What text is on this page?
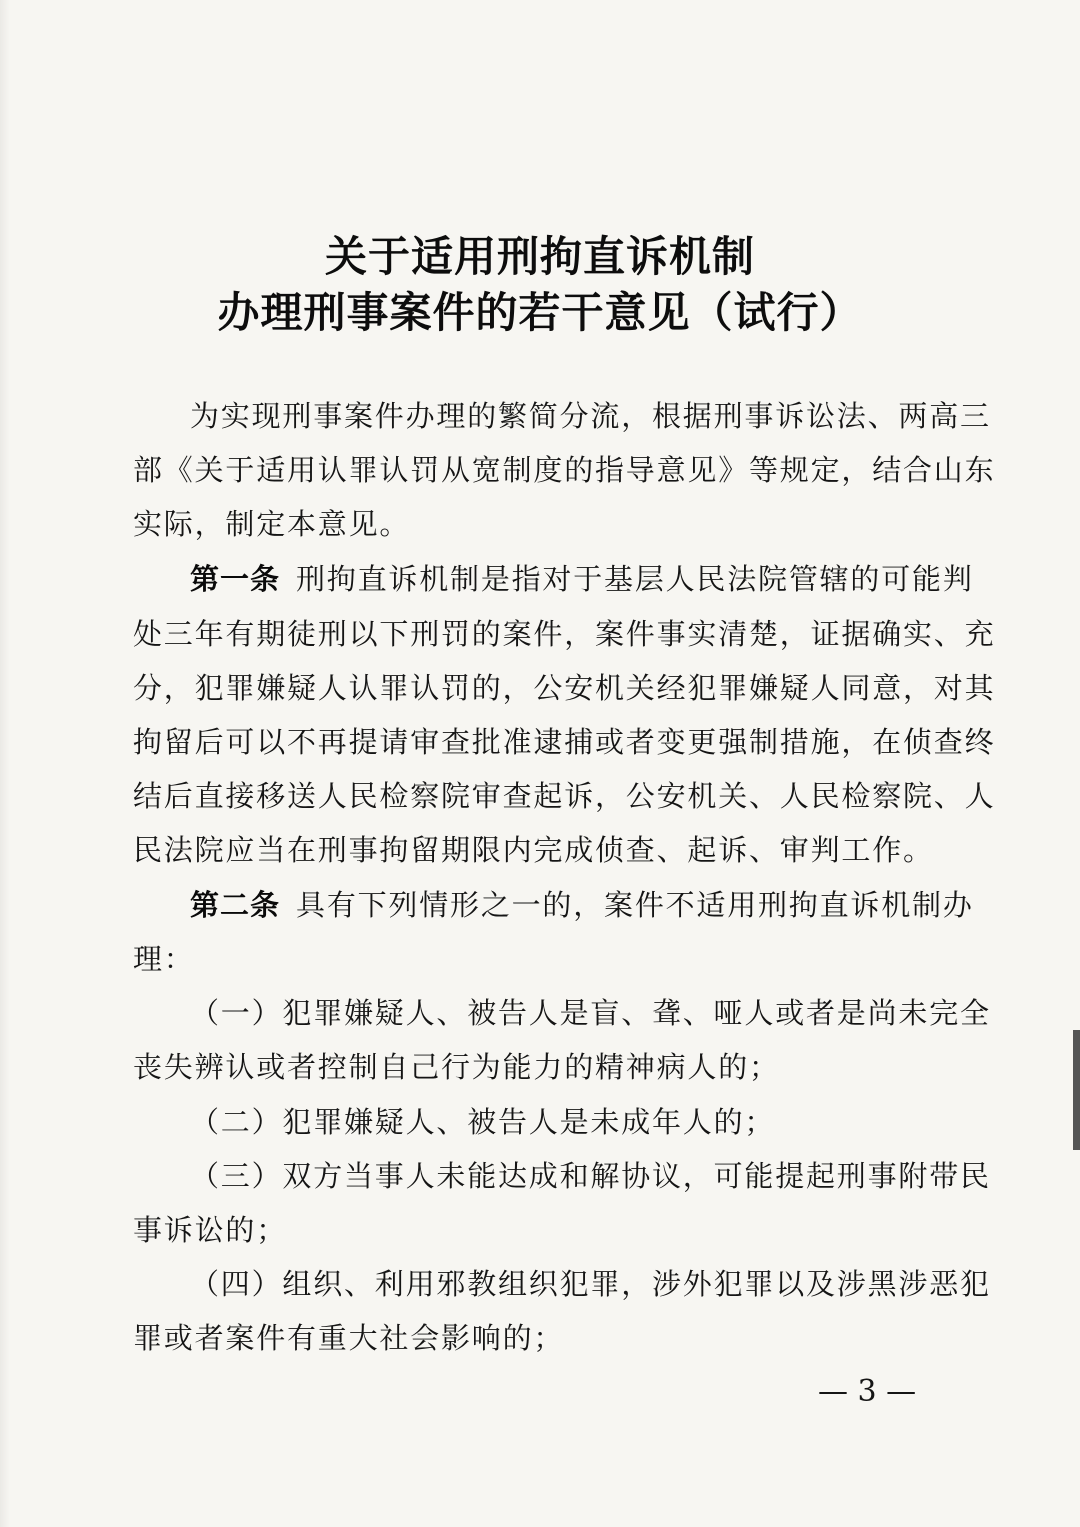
关于适用刑拘直诉机制
办理刑事案件的若干意见（试行）
为实现刑事案件办理的繁简分流，根据刑事诉讼法、两高三
部《关于适用认罪认罚从宽制度的指导意见》等规定，结合山东
实际，制定本意见。
第一条 刑拘直诉机制是指对于基层人民法院管辖的可能判
处三年有期徒刑以下刑罚的案件，案件事实清楚，证据确实、充
分，犯罪嫌疑人认罪认罚的，公安机关经犯罪嫌疑人同意，对其
拘留后可以不再提请审查批准逮捕或者变更强制措施，在侦查终
结后直接移送人民检察院审查起诉，公安机关、人民检察院、人
民法院应当在刑事拘留期限内完成侦查、起诉、审判工作。
第二条 具有下列情形之一的，案件不适用刑拘直诉机制办
理：
（一）犯罪嫌疑人、被告人是盲、聋、哑人或者是尚未完全
丧失辨认或者控制自己行为能力的精神病人的；
（二）犯罪嫌疑人、被告人是未成年人的；
（三）双方当事人未能达成和解协议，可能提起刑事附带民
事诉讼的；
（四）组织、利用邪教组织犯罪，涉外犯罪以及涉黑涉恶犯
罪或者案件有重大社会影响的；
— 3 —
